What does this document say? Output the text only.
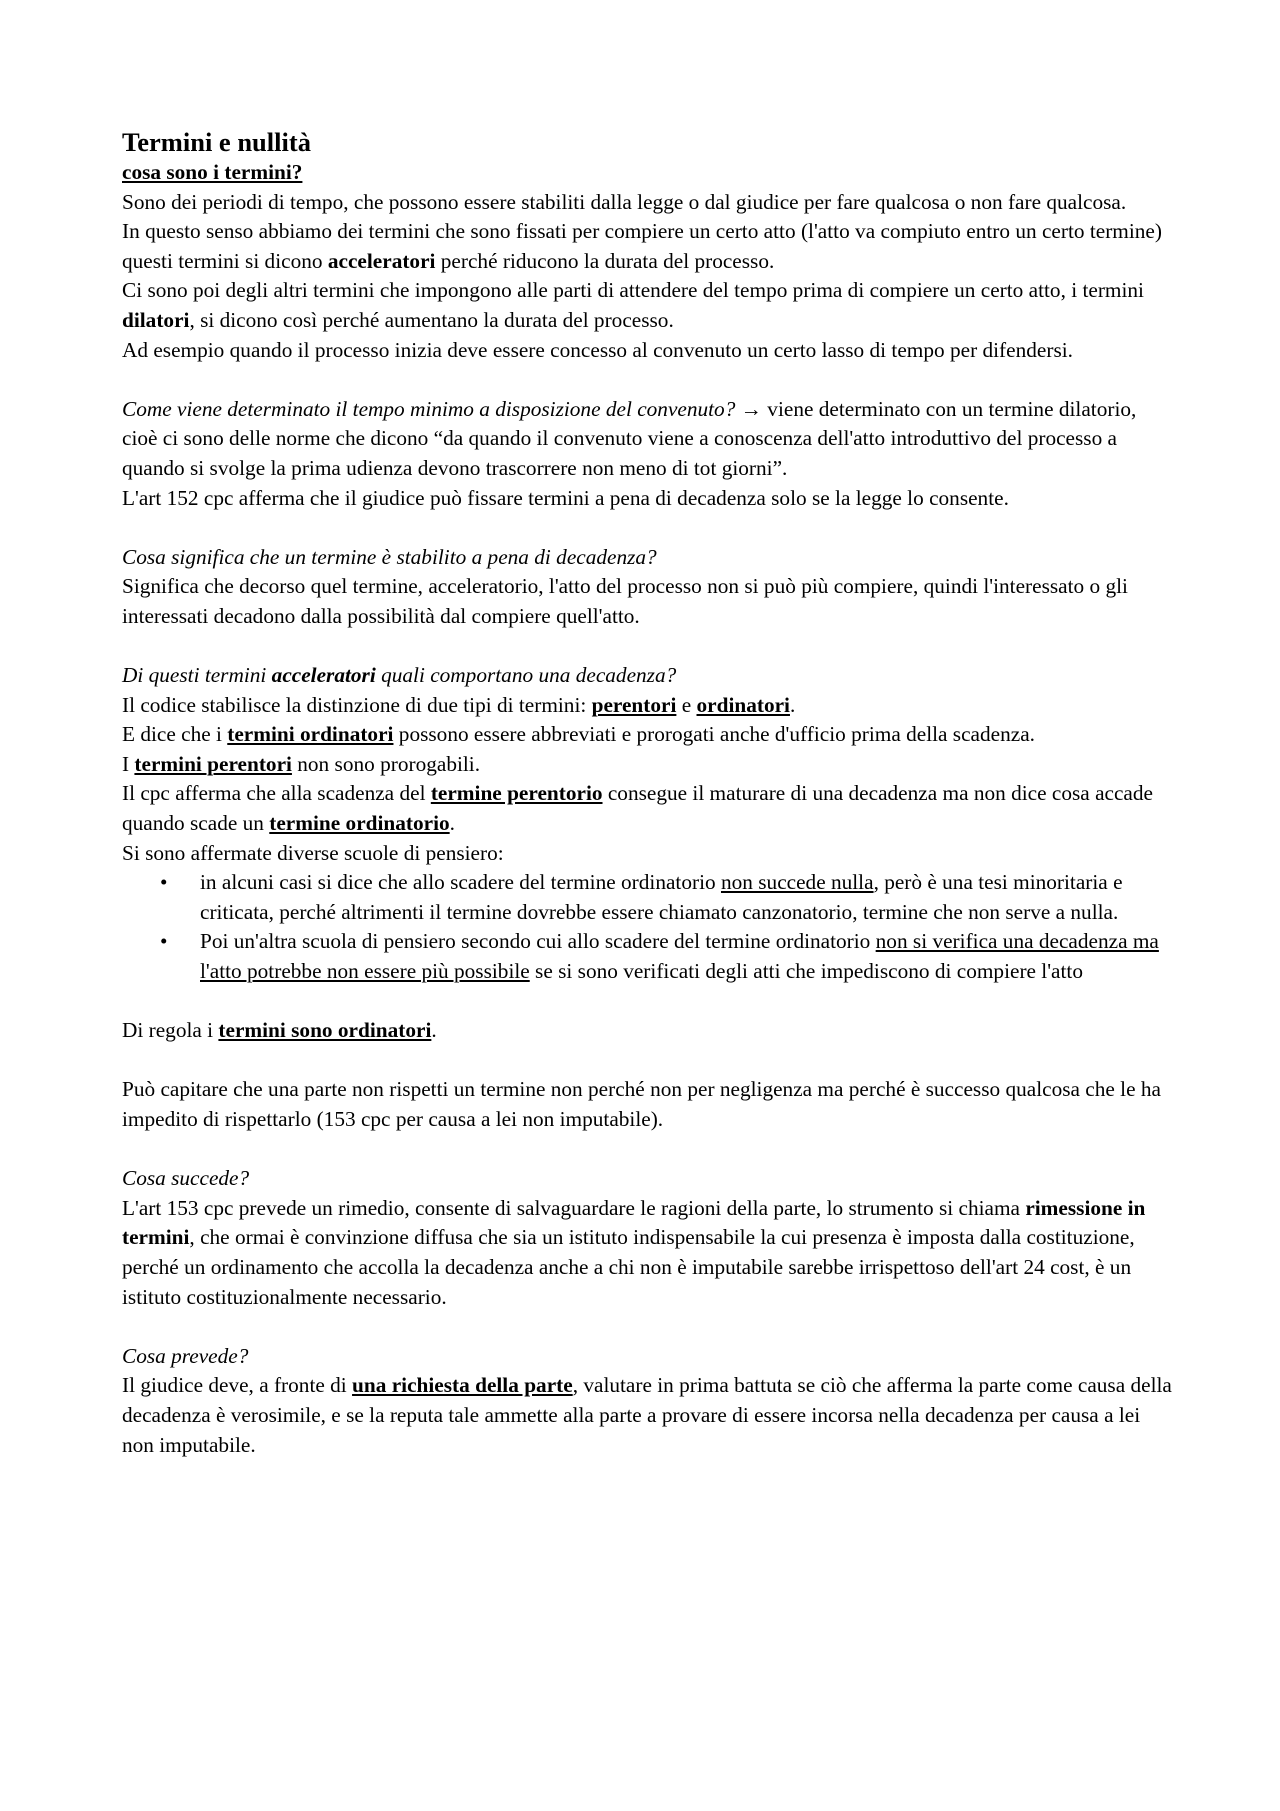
Termini e nullità

cosa sono i termini?

Sono dei periodi di tempo, che possono essere stabiliti dalla legge o dal giudice per fare qualcosa o non fare qualcosa.

In questo senso abbiamo dei termini che sono fissati per compiere un certo atto (l'atto va compiuto entro un certo termine) questi termini si dicono acceleratori perché riducono la durata del processo.

Ci sono poi degli altri termini che impongono alle parti di attendere del tempo prima di compiere un certo atto, i termini dilatori, si dicono così perché aumentano la durata del processo.

Ad esempio quando il processo inizia deve essere concesso al convenuto un certo lasso di tempo per difendersi.

Come viene determinato il tempo minimo a disposizione del convenuto? → viene determinato con un termine dilatorio, cioè ci sono delle norme che dicono “da quando il convenuto viene a conoscenza dell'atto introduttivo del processo a quando si svolge la prima udienza devono trascorrere non meno di tot giorni”.

L'art 152 cpc afferma che il giudice può fissare termini a pena di decadenza solo se la legge lo consente.

Cosa significa che un termine è stabilito a pena di decadenza?

Significa che decorso quel termine, acceleratorio, l'atto del processo non si può più compiere, quindi l'interessato o gli interessati decadono dalla possibilità dal compiere quell'atto.

Di questi termini acceleratori quali comportano una decadenza?

Il codice stabilisce la distinzione di due tipi di termini: perentori e ordinatori.

E dice che i termini ordinatori possono essere abbreviati e prorogati anche d'ufficio prima della scadenza.

I termini perentori non sono prorogabili.

Il cpc afferma che alla scadenza del termine perentorio consegue il maturare di una decadenza ma non dice cosa accade quando scade un termine ordinatorio.

Si sono affermate diverse scuole di pensiero:

• in alcuni casi si dice che allo scadere del termine ordinatorio non succede nulla, però è una tesi minoritaria e criticata, perché altrimenti il termine dovrebbe essere chiamato canzonatorio, termine che non serve a nulla.
• Poi un'altra scuola di pensiero secondo cui allo scadere del termine ordinatorio non si verifica una decadenza ma l'atto potrebbe non essere più possibile se si sono verificati degli atti che impediscono di compiere l'atto

Di regola i termini sono ordinatori.

Può capitare che una parte non rispetti un termine non perché non per negligenza ma perché è successo qualcosa che le ha impedito di rispettarlo (153 cpc per causa a lei non imputabile).

Cosa succede?

L'art 153 cpc prevede un rimedio, consente di salvaguardare le ragioni della parte, lo strumento si chiama rimessione in termini, che ormai è convinzione diffusa che sia un istituto indispensabile la cui presenza è imposta dalla costituzione, perché un ordinamento che accolla la decadenza anche a chi non è imputabile sarebbe irrispettoso dell'art 24 cost, è un istituto costituzionalmente necessario.

Cosa prevede?

Il giudice deve, a fronte di una richiesta della parte, valutare in prima battuta se ciò che afferma la parte come causa della decadenza è verosimile, e se la reputa tale ammette alla parte a provare di essere incorsa nella decadenza per causa a lei non imputabile.
